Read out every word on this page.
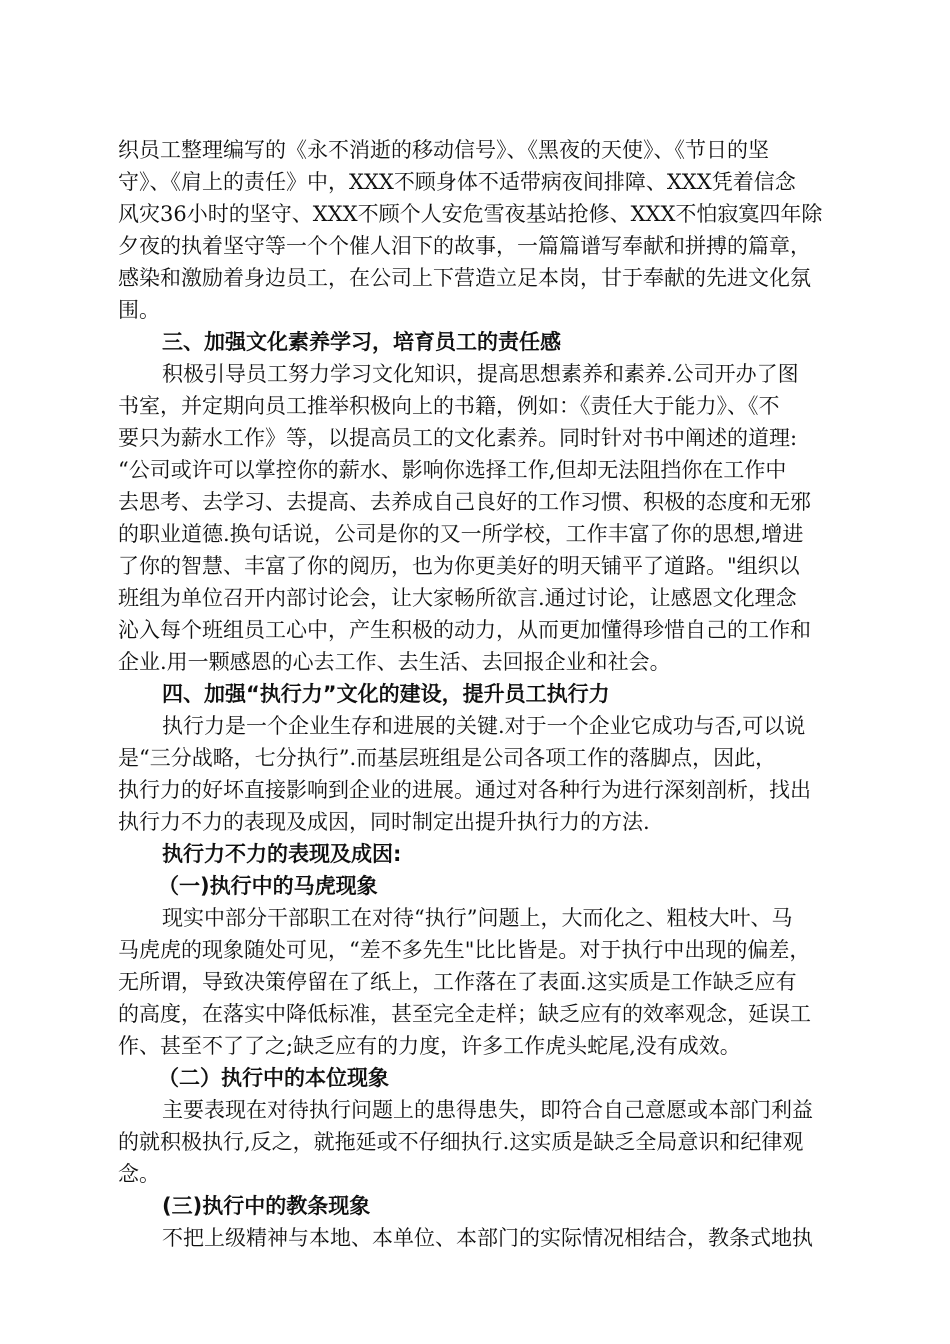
织员工整理编写的《永不消逝的移动信号》、《黑夜的天使》、《节日的坚
守》、《肩上的责任》中，XXX不顾身体不适带病夜间排障、XXX凭着信念
风灾36小时的坚守、XXX不顾个人安危雪夜基站抢修、XXX不怕寂寞四年除
夕夜的执着坚守等一个个催人泪下的故事，一篇篇谱写奉献和拼搏的篇章，
感染和激励着身边员工，在公司上下营造立足本岗，甘于奉献的先进文化氛
围。
三、加强文化素养学习，培育员工的责任感
积极引导员工努力学习文化知识，提高思想素养和素养.公司开办了图
书室，并定期向员工推举积极向上的书籍，例如：《责任大于能力》、《不
要只为薪水工作》等，以提高员工的文化素养。同时针对书中阐述的道理:
“公司或许可以掌控你的薪水、影响你选择工作,但却无法阻挡你在工作中
去思考、去学习、去提高、去养成自己良好的工作习惯、积极的态度和无邪
的职业道德.换句话说，公司是你的又一所学校，工作丰富了你的思想,增进
了你的智慧、丰富了你的阅历，也为你更美好的明天铺平了道路。"组织以
班组为单位召开内部讨论会，让大家畅所欲言.通过讨论，让感恩文化理念
沁入每个班组员工心中，产生积极的动力，从而更加懂得珍惜自己的工作和
企业.用一颗感恩的心去工作、去生活、去回报企业和社会。
四、加强“执行力”文化的建设，提升员工执行力
执行力是一个企业生存和进展的关键.对于一个企业它成功与否,可以说
是“三分战略，七分执行”.而基层班组是公司各项工作的落脚点，因此，
执行力的好坏直接影响到企业的进展。通过对各种行为进行深刻剖析，找出
执行力不力的表现及成因，同时制定出提升执行力的方法.
执行力不力的表现及成因:
（一)执行中的马虎现象
现实中部分干部职工在对待“执行”问题上，大而化之、粗枝大叶、马
马虎虎的现象随处可见，“差不多先生"比比皆是。对于执行中出现的偏差，
无所谓，导致决策停留在了纸上，工作落在了表面.这实质是工作缺乏应有
的高度，在落实中降低标准，甚至完全走样；缺乏应有的效率观念，延误工
作、甚至不了了之;缺乏应有的力度，许多工作虎头蛇尾,没有成效。
（二）执行中的本位现象
主要表现在对待执行问题上的患得患失，即符合自己意愿或本部门利益
的就积极执行,反之，就拖延或不仔细执行.这实质是缺乏全局意识和纪律观
念。
(三)执行中的教条现象
不把上级精神与本地、本单位、本部门的实际情况相结合，教条式地执
